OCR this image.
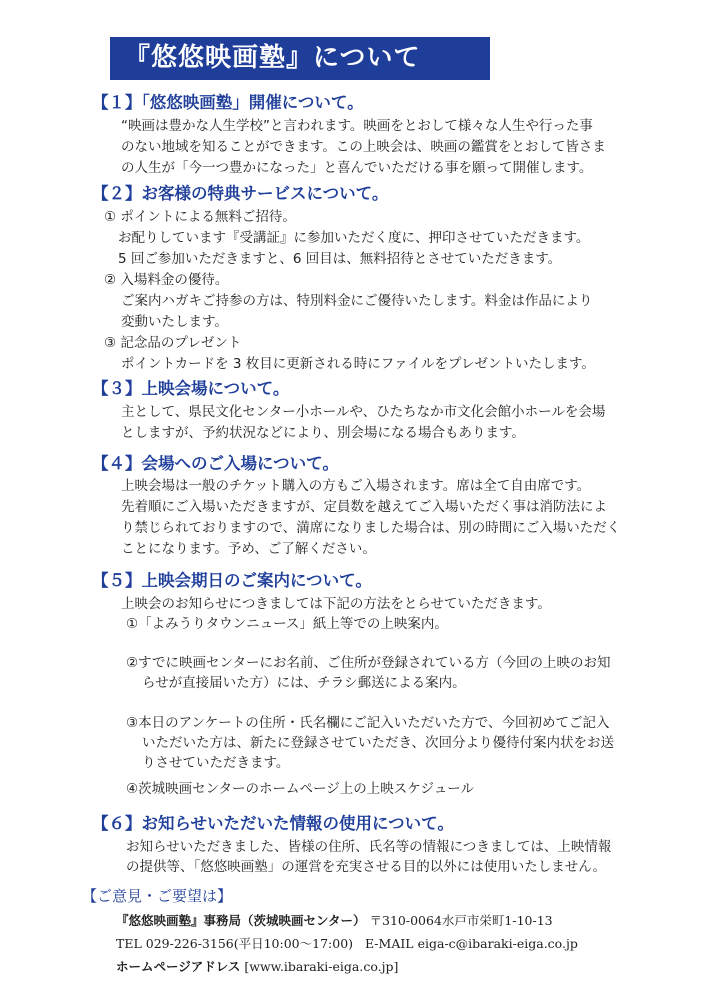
『悠悠映画塾』について
【１】「悠悠映画塾」開催について。
“映画は豊かな人生学校”と言われます。映画をとおして様々な人生や行った事
のない地域を知ることができます。この上映会は、映画の鑑賞をとおして皆さま
の人生が「今一つ豊かになった」と喜んでいただける事を願って開催します。
【２】お客様の特典サービスについて。
① ポイントによる無料ご招待。
お配りしています『受講証』に参加いただく度に、押印させていただきます。
5 回ご参加いただきますと、6 回目は、無料招待とさせていただきます。
② 入場料金の優待。
ご案内ハガキご持参の方は、特別料金にご優待いたします。料金は作品により
変動いたします。
③ 記念品のプレゼント
ポイントカードを 3 枚目に更新される時にファイルをプレゼントいたします。
【３】上映会場について。
主として、県民文化センター小ホールや、ひたちなか市文化会館小ホールを会場
としますが、予約状況などにより、別会場になる場合もあります。
【４】会場へのご入場について。
上映会場は一般のチケット購入の方もご入場されます。席は全て自由席です。
先着順にご入場いただきますが、定員数を越えてご入場いただく事は消防法によ
り禁じられておりますので、満席になりました場合は、別の時間にご入場いただく
ことになります。予め、ご了解ください。
【５】上映会期日のご案内について。
上映会のお知らせにつきましては下記の方法をとらせていただきます。
①「よみうりタウンニュース」紙上等での上映案内。
②すでに映画センターにお名前、ご住所が登録されている方（今回の上映のお知
らせが直接届いた方）には、チラシ郵送による案内。
③本日のアンケートの住所・氏名欄にご記入いただいた方で、今回初めてご記入
いただいた方は、新たに登録させていただき、次回分より優待付案内状をお送
りさせていただきます。
④茨城映画センターのホームページ上の上映スケジュール
【６】お知らせいただいた情報の使用について。
お知らせいただきました、皆様の住所、氏名等の情報につきましては、上映情報
の提供等、「悠悠映画塾」の運営を充実させる目的以外には使用いたしません。
【ご意見・ご要望は】
『悠悠映画塾』事務局（茨城映画センター） 〒310-0064水戸市栄町1-10-13
TEL 029-226-3156(平日10:00～17:00) E-MAIL eiga-c@ibaraki-eiga.co.jp
ホームページアドレス [www.ibaraki-eiga.co.jp]
